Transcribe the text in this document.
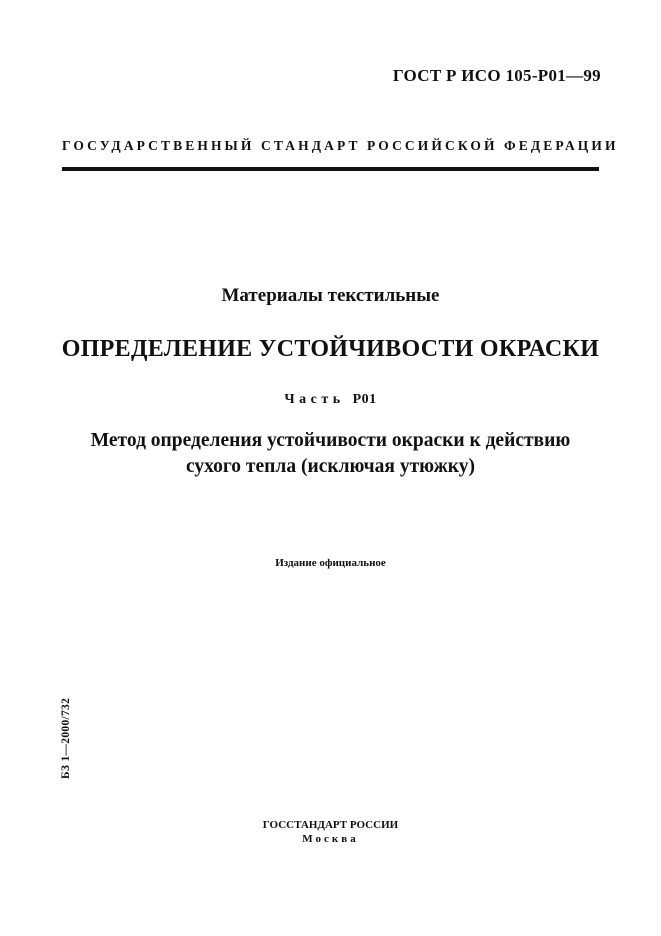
ГОСТ Р ИСО 105-Р01—99
ГОСУДАРСТВЕННЫЙ СТАНДАРТ РОССИЙСКОЙ ФЕДЕРАЦИИ
Материалы текстильные
ОПРЕДЕЛЕНИЕ УСТОЙЧИВОСТИ ОКРАСКИ
Часть Р01
Метод определения устойчивости окраски к действию
сухого тепла (исключая утюжку)
Издание официальное
БЗ 1—2000/732
ГОССТАНДАРТ РОССИИ
Москва
